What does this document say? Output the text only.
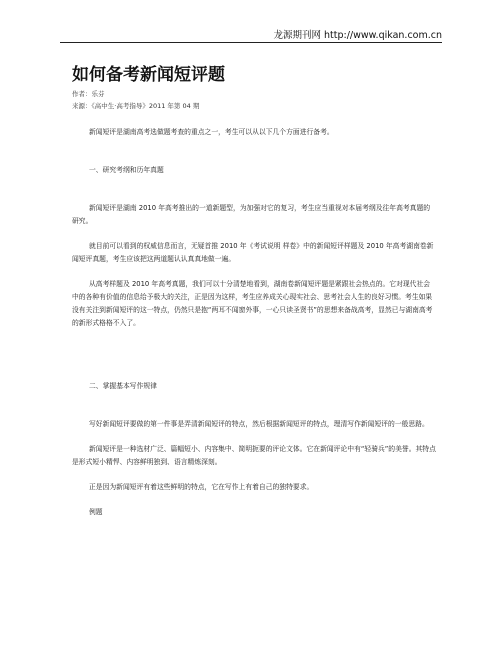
龙源期刊网 http://www.qikan.com.cn
如何备考新闻短评题
作者：乐芬
来源：《高中生·高考指导》2011 年第 04 期

新闻短评是湖南高考选做题考查的重点之一，考生可以从以下几个方面进行备考。

一、研究考纲和历年真题

新闻短评是湖南 2010 年高考推出的一道新题型，为加强对它的复习，考生应当重视对本届考纲及往年高考真题的研究。

就目前可以看到的权威信息而言，无疑首推 2010 年《考试说明 样卷》中的新闻短评样题及 2010 年高考湖南卷新闻短评真题，考生应该把这两道题认认真真地做一遍。

从高考样题及 2010 年高考真题，我们可以十分清楚地看到，湖南卷新闻短评题是紧跟社会热点的。它对现代社会中的各种有价值的信息给予极大的关注，正是因为这样，考生应养成关心现实社会、思考社会人生的良好习惯。考生如果没有关注到新闻短评的这一特点，仍然只是抱“两耳不闻窗外事，一心只读圣贤书”的思想来备战高考，显然已与湖南高考的新形式格格不入了。

二、掌握基本写作规律

写好新闻短评要做的第一件事是弄清新闻短评的特点，然后根据新闻短评的特点，理清写作新闻短评的一般思路。

新闻短评是一种选材广泛、篇幅短小、内容集中、简明扼要的评论文体。它在新闻评论中有“轻骑兵”的美誉。其特点是形式短小精悍、内容鲜明独到、语言精炼深刻。

正是因为新闻短评有着这些鲜明的特点，它在写作上有着自己的独特要求。

例题
